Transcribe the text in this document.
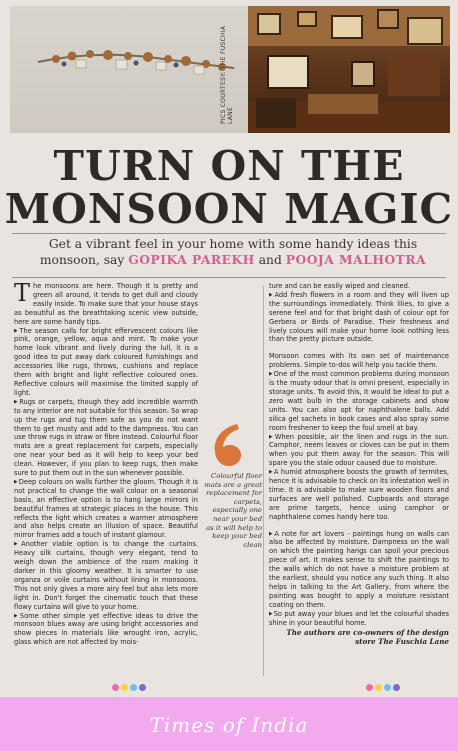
PICS COURTESY: THE FUSCHIA LANE
TURN ON THE
MONSOON MAGIC

Get a vibrant feel in your home with some handy ideas this monsoon, say GOPIKA PAREKH and POOJA MALHOTRA

The monsoons are here. Though it is pretty and green all around, it tends to get dull and cloudy easily inside. To make sure that your house stays as beautiful as the breathtaking scenic view outside, here are some handy tips.

▶ The season calls for bright effervescent colours like pink, orange, yellow, aqua and mint. To make your home look vibrant and lively during the lull, it is a good idea to put away dark coloured furnishings and accessories like rugs, throws, cushions and replace them with bright and light reflective coloured ones. Reflective colours will maximise the limited supply of light.

▶ Rugs or carpets, though they add incredible warmth to any interior are not suitable for this season. So wrap up the rugs and tug them safe as you do not want them to get musty and add to the dampness. You can use throw rugs in straw or fibre instead. Colourful floor mats are a great replacement for carpets, especially one near your bed as it will help to keep your bed clean. However, if you plan to keep rugs, then make sure to put them out in the sun whenever possible.

▶ Deep colours on walls further the gloom. Though it is not practical to change the wall colour on a seasonal basis, an effective option is to hang large mirrors in beautiful frames at strategic places in the house. This reflects the light which creates a warmer atmosphere and also helps create an illusion of space. Beautiful mirror frames add a touch of instant glamour.

▶ Another viable option is to change the curtains. Heavy silk curtains, though very elegant, tend to weigh down the ambience of the room making it darker in this gloomy weather. It is smarter to use organza or voile curtains without lining in monsoons. This not only gives a more airy feel but also lets more light in. Don't forget the cinematic touch that these flowy curtains will give to your home.

▶ Some other simple yet effective ideas to drive the monsoon blues away are using bright accessories and show pieces in materials like wrought iron, acrylic, glass which are not affected by mois-

Colourful floor mats are a great replacement for carpets, especially one near your bed as it will help to keep your bed clean

ture and can be easily wiped and cleaned.

▶ Add fresh flowers in a room and they will liven up the surroundings immediately. Think lilies, to give a serene feel and for that bright dash of colour opt for Gerbera or Birds of Paradise. Their freshness and lively colours will make your home look nothing less than the pretty picture outside.

Monsoon comes with its own set of maintenance problems. Simple to-dos will help you tackle them.

▶ One of the most common problems during monsoon is the musty odour that is omni present, especially in storage units. To avoid this, it would be ideal to put a zero watt bulb in the storage cabinets and show units. You can also opt for naphthalene balls. Add silica gel sachets in book cases and also spray some room freshener to keep the foul smell at bay.

▶ When possible, air the linen and rugs in the sun. Camphor, neem leaves or cloves can be put in them when you put them away for the season. This will spare you the stale odour caused due to moisture.

▶ A humid atmosphere boosts the growth of termites, hence it is advisable to check on its infestation well in time. It is advisable to make sure wooden floors and surfaces are well polished. Cupboards and storage are prime targets, hence using camphor or naphthalene comes handy here too.

▶ A note for art lovers - paintings hung on walls can also be affected by moisture. Dampness on the wall on which the painting hangs can spoil your precious piece of art. It makes sense to shift the paintings to the walls which do not have a moisture problem at the earliest, should you notice any such thing. It also helps in talking to the Art Gallery, from where the painting was bought to apply a moisture resistant coating on them.

▶ So put away your blues and let the colourful shades shine in your beautiful home.

The authors are co-owners of the design store The Fuschia Lane

Times of India
